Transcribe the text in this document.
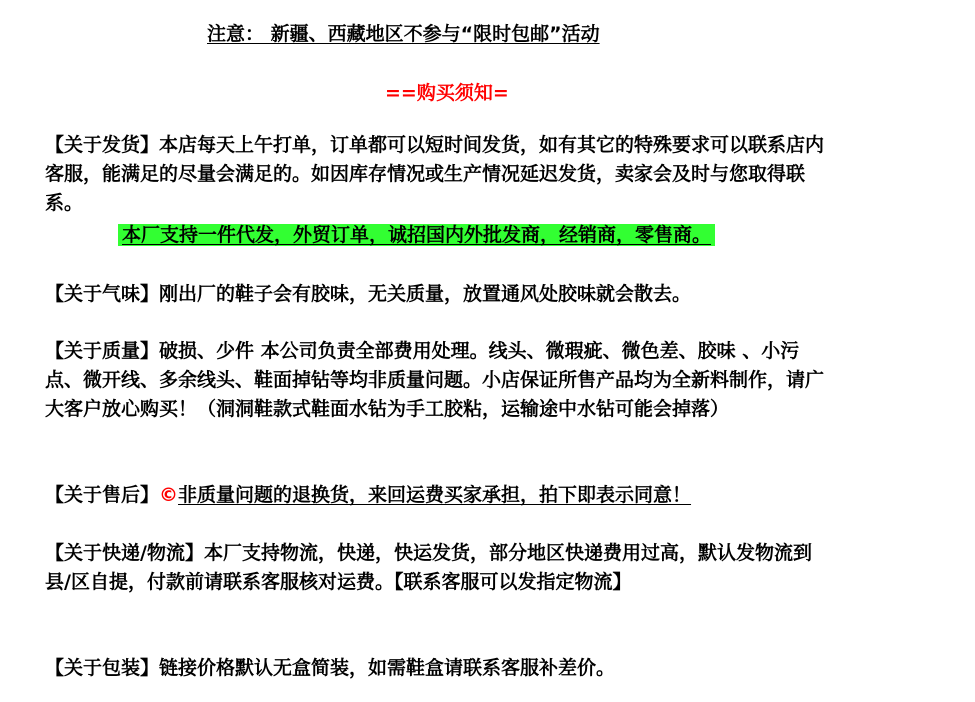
注意： 新疆、西藏地区不参与“限时包邮”活动
==购买须知=
【关于发货】本店每天上午打单，订单都可以短时间发货，如有其它的特殊要求可以联系店内客服，能满足的尽量会满足的。如因库存情况或生产情况延迟发货，卖家会及时与您取得联系。
本厂支持一件代发，外贸订单，诚招国内外批发商，经销商，零售商。
【关于气味】刚出厂的鞋子会有胶味，无关质量，放置通风处胶味就会散去。
【关于质量】破损、少件 本公司负责全部费用处理。线头、微瑕疵、微色差、胶味 、小污点、微开线、多余线头、鞋面掉钻等均非质量问题。小店保证所售产品均为全新料制作，请广大客户放心购买！（洞洞鞋款式鞋面水钻为手工胶粘，运输途中水钻可能会掉落）
【关于售后】©非质量问题的退换货，来回运费买家承担，拍下即表示同意！
【关于快递/物流】本厂支持物流，快递，快运发货，部分地区快递费用过高，默认发物流到县/区自提，付款前请联系客服核对运费。【联系客服可以发指定物流】
【关于包装】链接价格默认无盒简装，如需鞋盒请联系客服补差价。
